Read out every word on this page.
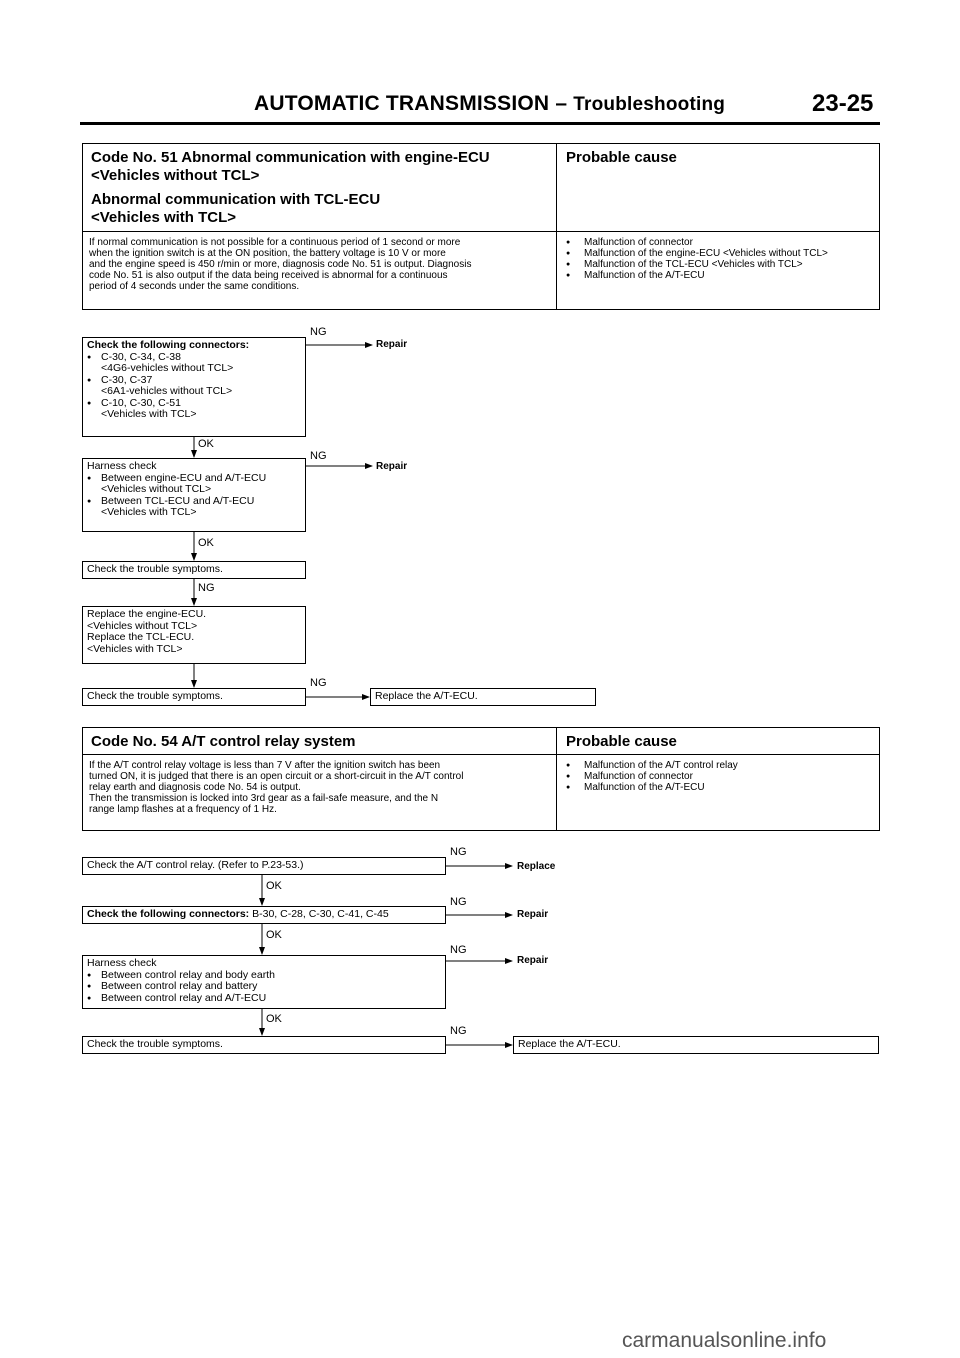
AUTOMATIC TRANSMISSION – Troubleshooting	23-25
Code No. 51 Abnormal communication with engine-ECU
<Vehicles without TCL>
Abnormal communication with TCL-ECU
<Vehicles with TCL>
Probable cause
If normal communication is not possible for a continuous period of 1 second or more
when the ignition switch is at the ON position, the battery voltage is 10 V or more
and the engine speed is 450 r/min or more, diagnosis code No. 51 is output. Diagnosis
code No. 51 is also output if the data being received is abnormal for a continuous
period of 4 seconds under the same conditions.
● Malfunction of connector
● Malfunction of the engine-ECU <Vehicles without TCL>
● Malfunction of the TCL-ECU <Vehicles with TCL>
● Malfunction of the A/T-ECU
Check the following connectors:
● C-30, C-34, C-38
<4G6-vehicles without TCL>
● C-30, C-37
<6A1-vehicles without TCL>
● C-10, C-30, C-51
<Vehicles with TCL>
Harness check
● Between engine-ECU and A/T-ECU
<Vehicles without TCL>
● Between TCL-ECU and A/T-ECU
<Vehicles with TCL>
Check the trouble symptoms.
Replace the engine-ECU.
<Vehicles without TCL>
Replace the TCL-ECU.
<Vehicles with TCL>
Check the trouble symptoms.	Replace the A/T-ECU.
NG
Repair
OK
NG
Repair
OK
NG
NG
Code No. 54 A/T control relay system	Probable cause
If the A/T control relay voltage is less than 7 V after the ignition switch has been
turned ON, it is judged that there is an open circuit or a short-circuit in the A/T control
relay earth and diagnosis code No. 54 is output.
Then the transmission is locked into 3rd gear as a fail-safe measure, and the N
range lamp flashes at a frequency of 1 Hz.
● Malfunction of the A/T control relay
● Malfunction of connector
● Malfunction of the A/T-ECU
Check the A/T control relay. (Refer to P.23-53.)
Check the following connectors: B-30, C-28, C-30, C-41, C-45
Harness check
● Between control relay and body earth
● Between control relay and battery
● Between control relay and A/T-ECU
Check the trouble symptoms.	Replace the A/T-ECU.
NG
Replace
OK
NG
Repair
OK
NG
Repair
OK
NG
carmanualsonline.info
